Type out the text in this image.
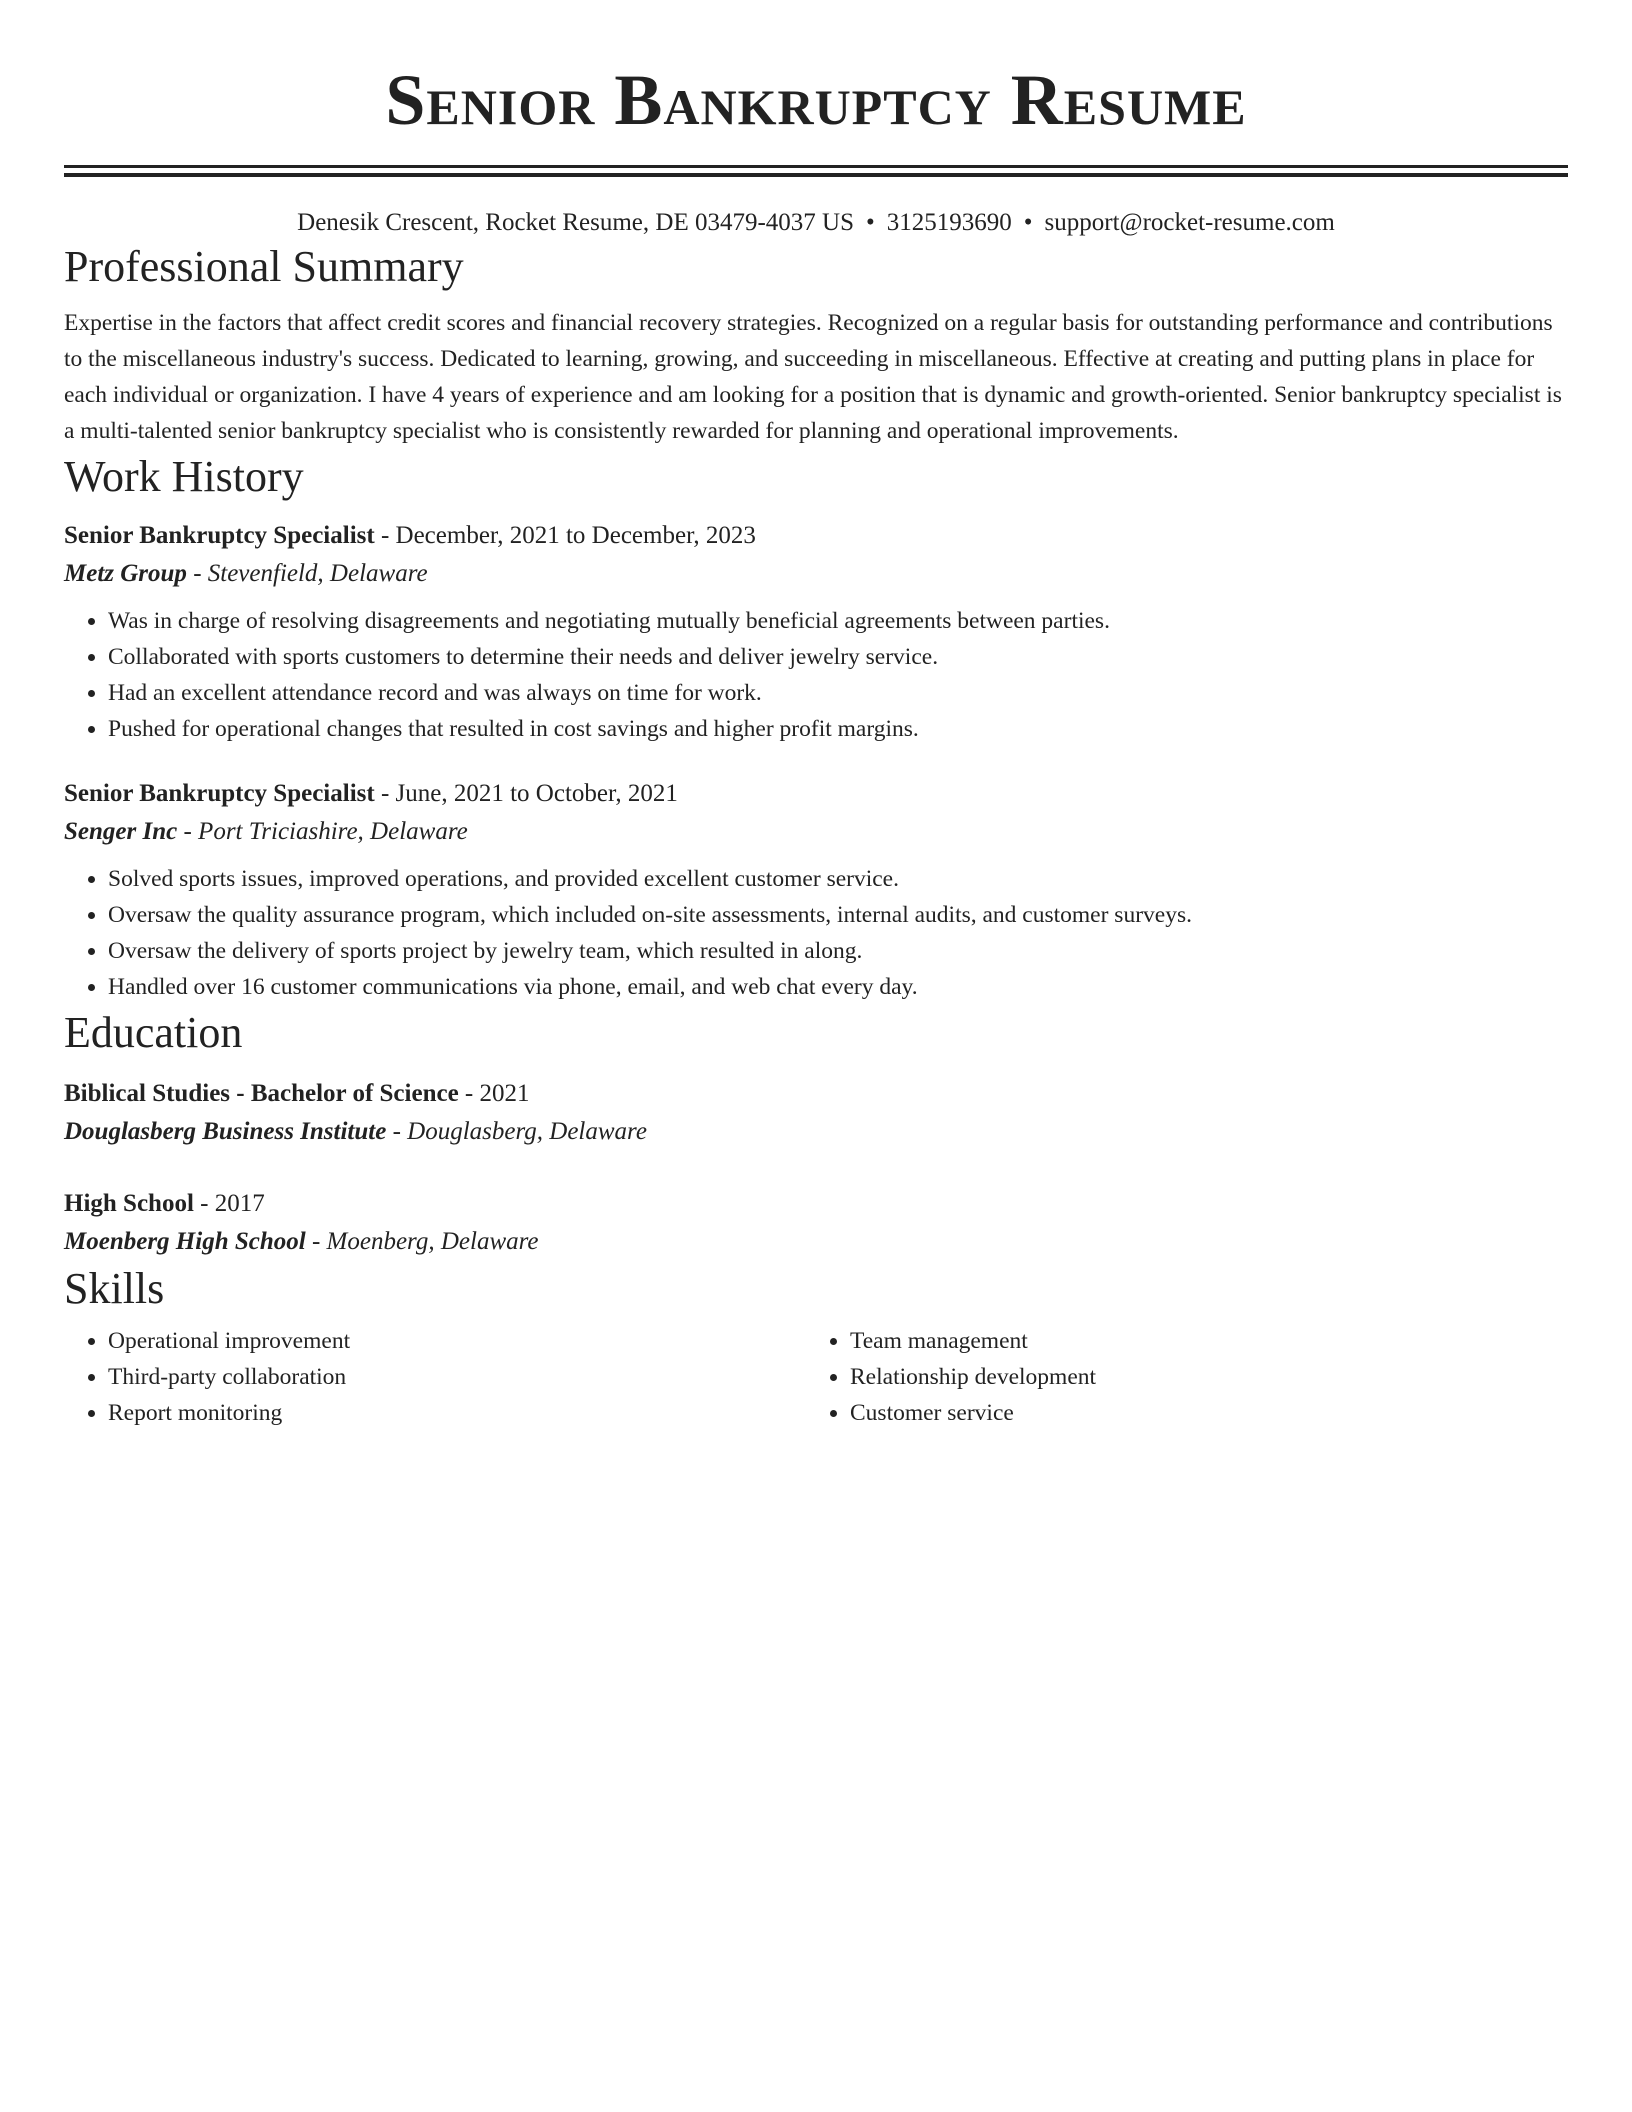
Senior Bankruptcy Resume
Denesik Crescent, Rocket Resume, DE 03479-4037 US • 3125193690 • support@rocket-resume.com
Professional Summary

Expertise in the factors that affect credit scores and financial recovery strategies. Recognized on a regular basis for outstanding performance and contributions to the miscellaneous industry's success. Dedicated to learning, growing, and succeeding in miscellaneous. Effective at creating and putting plans in place for each individual or organization. I have 4 years of experience and am looking for a position that is dynamic and growth-oriented. Senior bankruptcy specialist is a multi-talented senior bankruptcy specialist who is consistently rewarded for planning and operational improvements.

Work History
Senior Bankruptcy Specialist - December, 2021 to December, 2023
Metz Group - Stevenfield, Delaware
• Was in charge of resolving disagreements and negotiating mutually beneficial agreements between parties.
• Collaborated with sports customers to determine their needs and deliver jewelry service.
• Had an excellent attendance record and was always on time for work.
• Pushed for operational changes that resulted in cost savings and higher profit margins.
Senior Bankruptcy Specialist - June, 2021 to October, 2021
Senger Inc - Port Triciashire, Delaware
• Solved sports issues, improved operations, and provided excellent customer service.
• Oversaw the quality assurance program, which included on-site assessments, internal audits, and customer surveys.
• Oversaw the delivery of sports project by jewelry team, which resulted in along.
• Handled over 16 customer communications via phone, email, and web chat every day.
Education
Biblical Studies - Bachelor of Science - 2021
Douglasberg Business Institute - Douglasberg, Delaware
High School - 2017
Moenberg High School - Moenberg, Delaware
Skills
• Operational improvement
• Third-party collaboration
• Report monitoring
• Team management
• Relationship development
• Customer service
